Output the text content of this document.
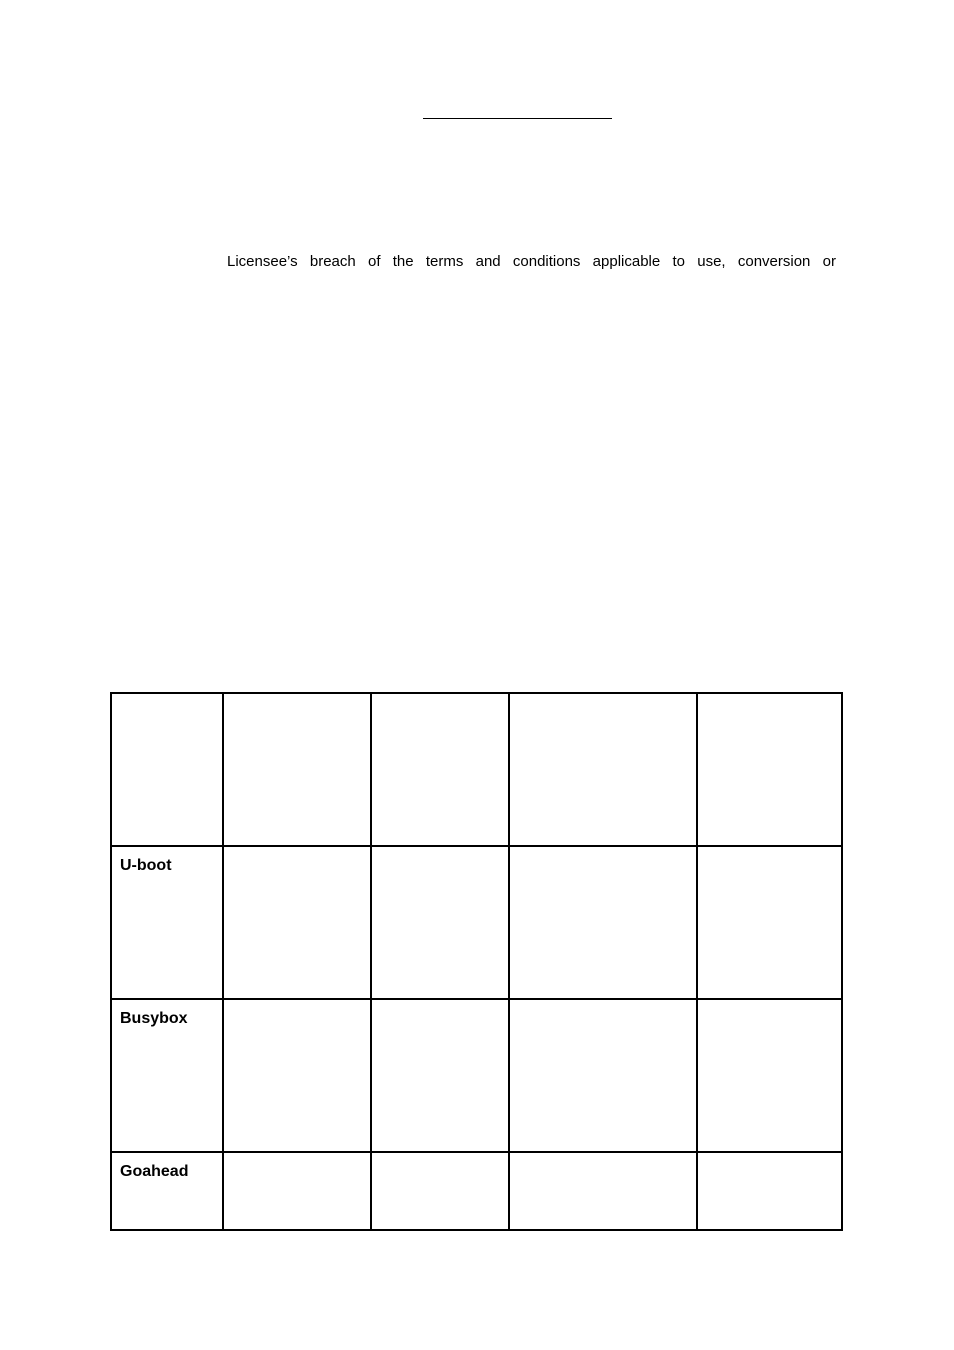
Licensee’s breach of the terms and conditions applicable to use, conversion or

U-boot				
Busybox				
Goahead				
